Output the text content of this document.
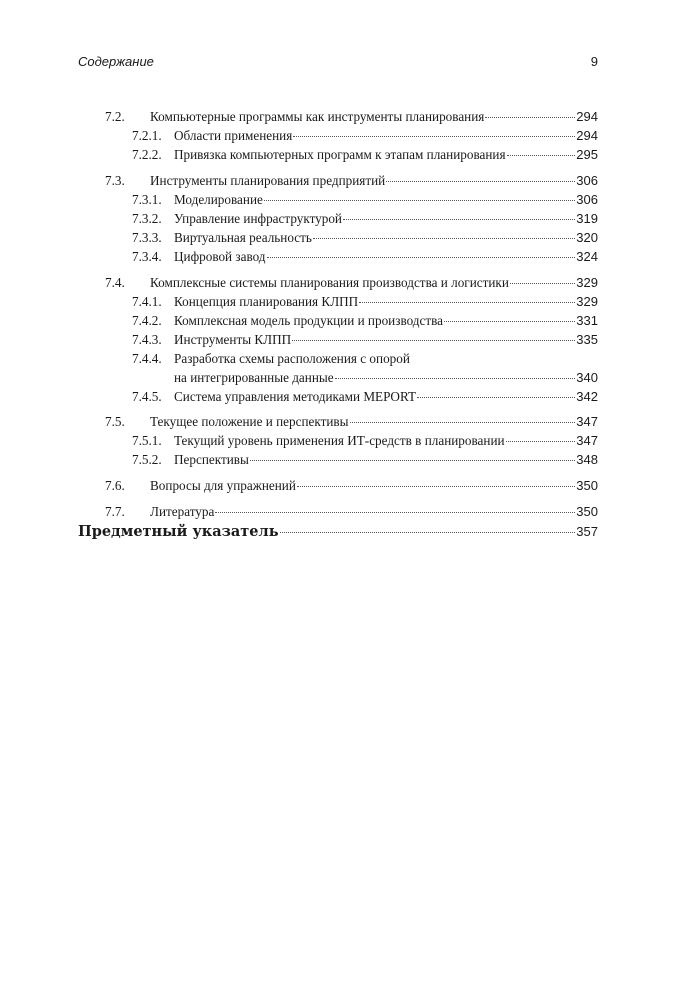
Содержание	9
7.2.	Компьютерные программы как инструменты планирования	294
7.2.1. Области применения	294
7.2.2. Привязка компьютерных программ к этапам планирования	295
7.3.	Инструменты планирования предприятий	306
7.3.1. Моделирование	306
7.3.2. Управление инфраструктурой	319
7.3.3. Виртуальная реальность	320
7.3.4. Цифровой завод	324
7.4.	Комплексные системы планирования производства и логистики	329
7.4.1. Концепция планирования КЛПП	329
7.4.2. Комплексная модель продукции и производства	331
7.4.3. Инструменты КЛПП	335
7.4.4. Разработка схемы расположения с опорой
на интегрированные данные	340
7.4.5. Система управления методиками MEPORT	342
7.5.	Текущее положение и перспективы	347
7.5.1. Текущий уровень применения ИТ-средств в планировании	347
7.5.2. Перспективы	348
7.6.	Вопросы для упражнений	350
7.7.	Литература	350
Предметный указатель	357
